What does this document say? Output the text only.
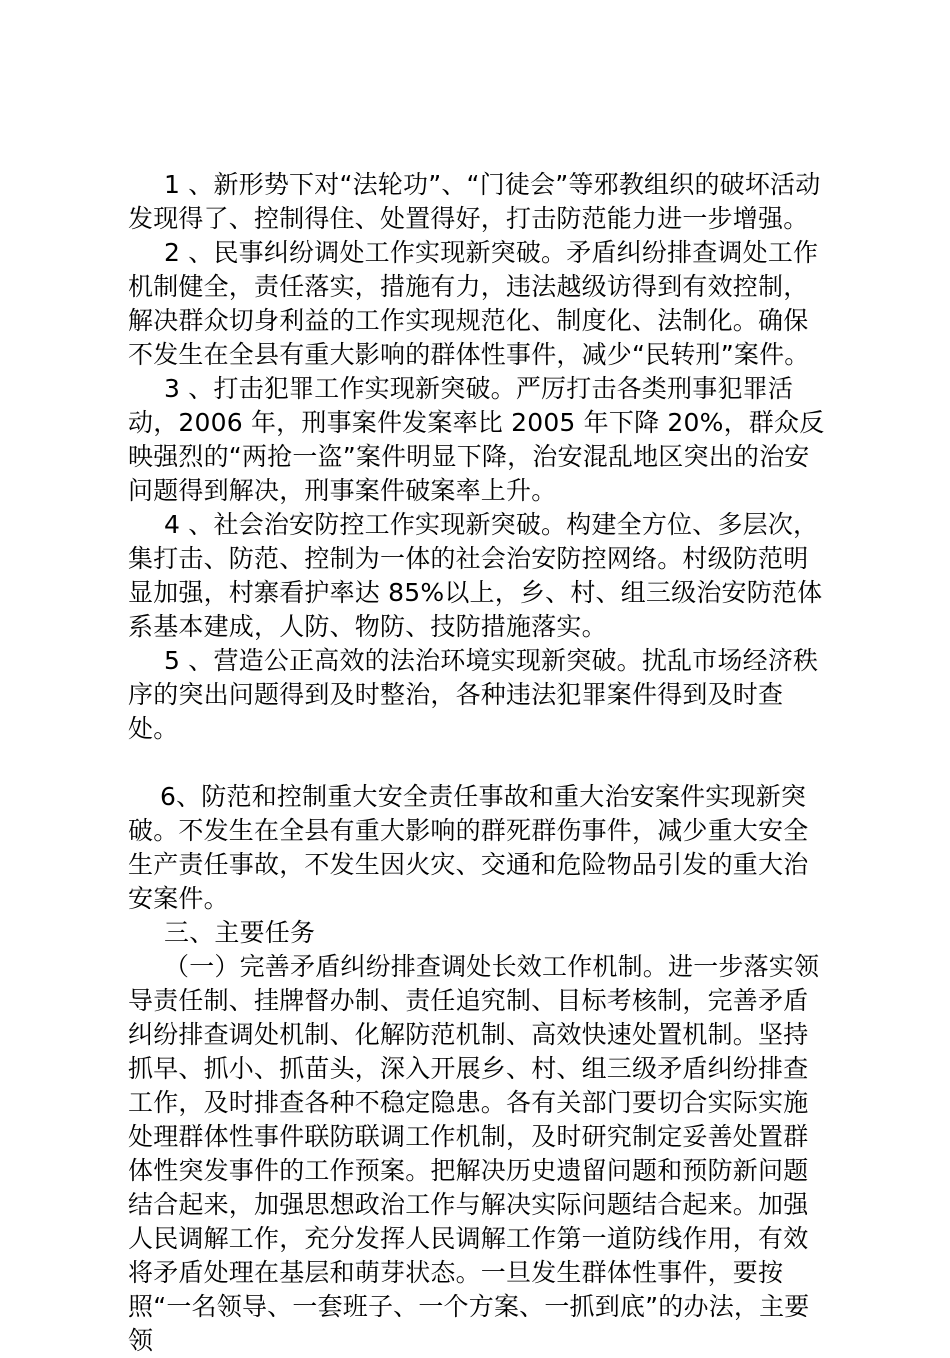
1 、新形势下对“法轮功”、“门徒会”等邪教组织的破坏活动发现得了、控制得住、处置得好，打击防范能力进一步增强。

2 、民事纠纷调处工作实现新突破。矛盾纠纷排查调处工作机制健全，责任落实，措施有力，违法越级访得到有效控制，解决群众切身利益的工作实现规范化、制度化、法制化。确保不发生在全县有重大影响的群体性事件，减少“民转刑”案件。

3 、打击犯罪工作实现新突破。严厉打击各类刑事犯罪活动，2006 年，刑事案件发案率比 2005 年下降 20%，群众反映强烈的“两抢一盗”案件明显下降，治安混乱地区突出的治安问题得到解决，刑事案件破案率上升。

4 、社会治安防控工作实现新突破。构建全方位、多层次，集打击、防范、控制为一体的社会治安防控网络。村级防范明显加强，村寨看护率达 85%以上，乡、村、组三级治安防范体系基本建成，人防、物防、技防措施落实。

5 、营造公正高效的法治环境实现新突破。扰乱市场经济秩序的突出问题得到及时整治，各种违法犯罪案件得到及时查处。

6、防范和控制重大安全责任事故和重大治安案件实现新突破。不发生在全县有重大影响的群死群伤事件，减少重大安全生产责任事故，不发生因火灾、交通和危险物品引发的重大治安案件。

三、主要任务

（一）完善矛盾纠纷排查调处长效工作机制。进一步落实领导责任制、挂牌督办制、责任追究制、目标考核制，完善矛盾纠纷排查调处机制、化解防范机制、高效快速处置机制。坚持抓早、抓小、抓苗头，深入开展乡、村、组三级矛盾纠纷排查工作，及时排查各种不稳定隐患。各有关部门要切合实际实施处理群体性事件联防联调工作机制，及时研究制定妥善处置群体性突发事件的工作预案。把解决历史遗留问题和预防新问题结合起来，加强思想政治工作与解决实际问题结合起来。加强人民调解工作，充分发挥人民调解工作第一道防线作用，有效将矛盾处理在基层和萌芽状态。一旦发生群体性事件，要按照“一名领导、一套班子、一个方案、一抓到底”的办法，主要领
